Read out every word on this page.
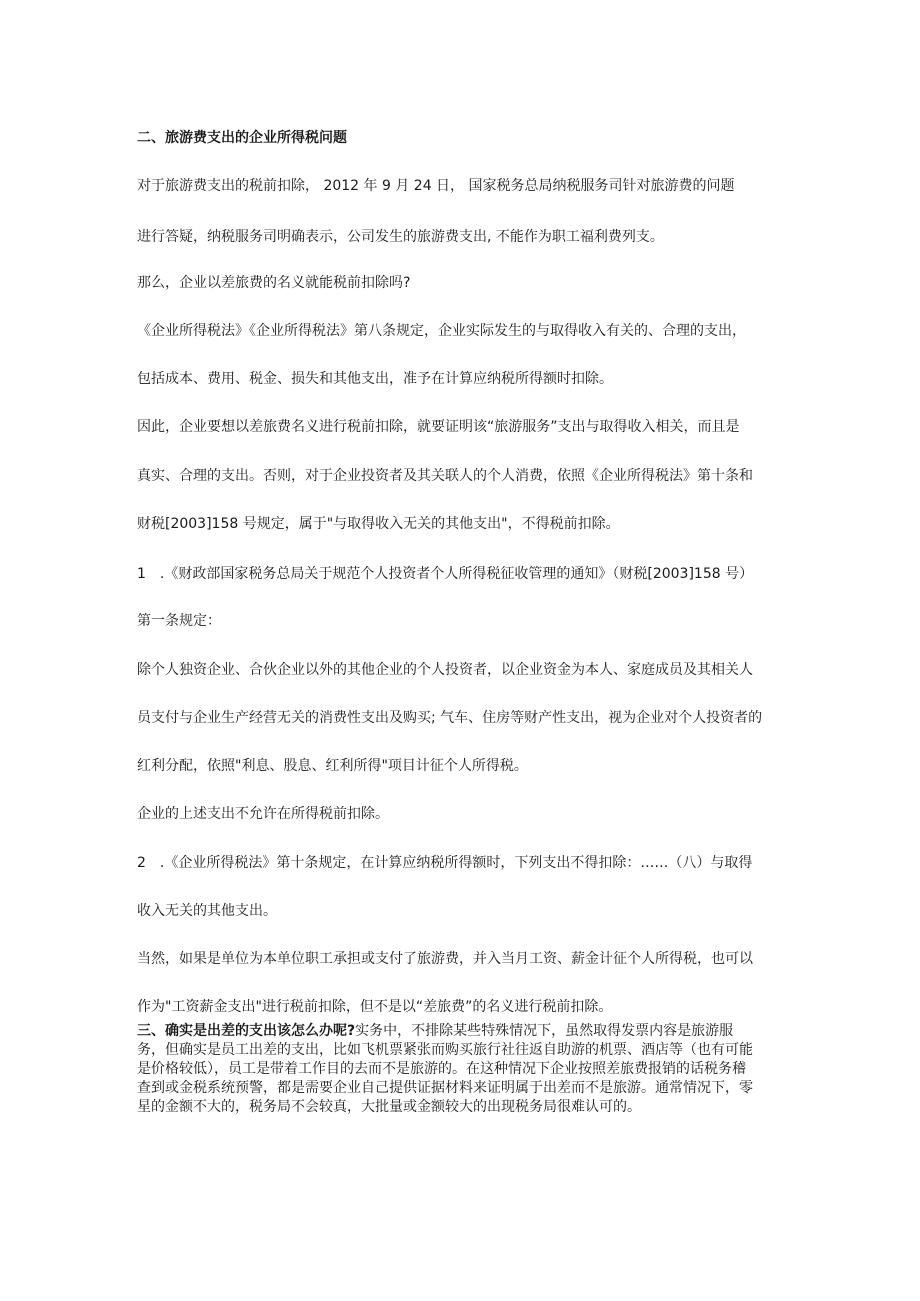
二、旅游费支出的企业所得税问题
对于旅游费支出的税前扣除， 2012 年 9 月 24 日， 国家税务总局纳税服务司针对旅游费的问题
进行答疑，纳税服务司明确表示，公司发生的旅游费支出, 不能作为职工福利费列支。
那么，企业以差旅费的名义就能税前扣除吗?
《企业所得税法》《企业所得税法》第八条规定，企业实际发生的与取得收入有关的、合理的支出，
包括成本、费用、税金、损失和其他支出，准予在计算应纳税所得额时扣除。
因此，企业要想以差旅费名义进行税前扣除，就要证明该“旅游服务”支出与取得收入相关，而且是
真实、合理的支出。否则，对于企业投资者及其关联人的个人消费，依照《企业所得税法》第十条和
财税[2003]158 号规定，属于"与取得收入无关的其他支出"，不得税前扣除。
1　.《财政部国家税务总局关于规范个人投资者个人所得税征收管理的通知》（财税[2003]158 号）
第一条规定：
除个人独资企业、合伙企业以外的其他企业的个人投资者，以企业资金为本人、家庭成员及其相关人
员支付与企业生产经营无关的消费性支出及购买; 气车、住房等财产性支出，视为企业对个人投资者的
红利分配，依照"利息、股息、红利所得"项目计征个人所得税。
企业的上述支出不允许在所得税前扣除。
2　.《企业所得税法》第十条规定，在计算应纳税所得额时，下列支出不得扣除：……（八）与取得
收入无关的其他支出。
当然，如果是单位为本单位职工承担或支付了旅游费，并入当月工资、薪金计征个人所得税，也可以
作为"工资薪金支出"进行税前扣除，但不是以“差旅费”的名义进行税前扣除。
三、确实是出差的支出该怎么办呢?实务中，不排除某些特殊情况下，虽然取得发票内容是旅游服
务，但确实是员工出差的支出，比如飞机票紧张而购买旅行社往返自助游的机票、酒店等（也有可能
是价格较低），员工是带着工作目的去而不是旅游的。在这种情况下企业按照差旅费报销的话税务稽
查到或金税系统预警，都是需要企业自己提供证据材料来证明属于出差而不是旅游。通常情况下，零
星的金额不大的，税务局不会较真，大批量或金额较大的出现税务局很难认可的。
